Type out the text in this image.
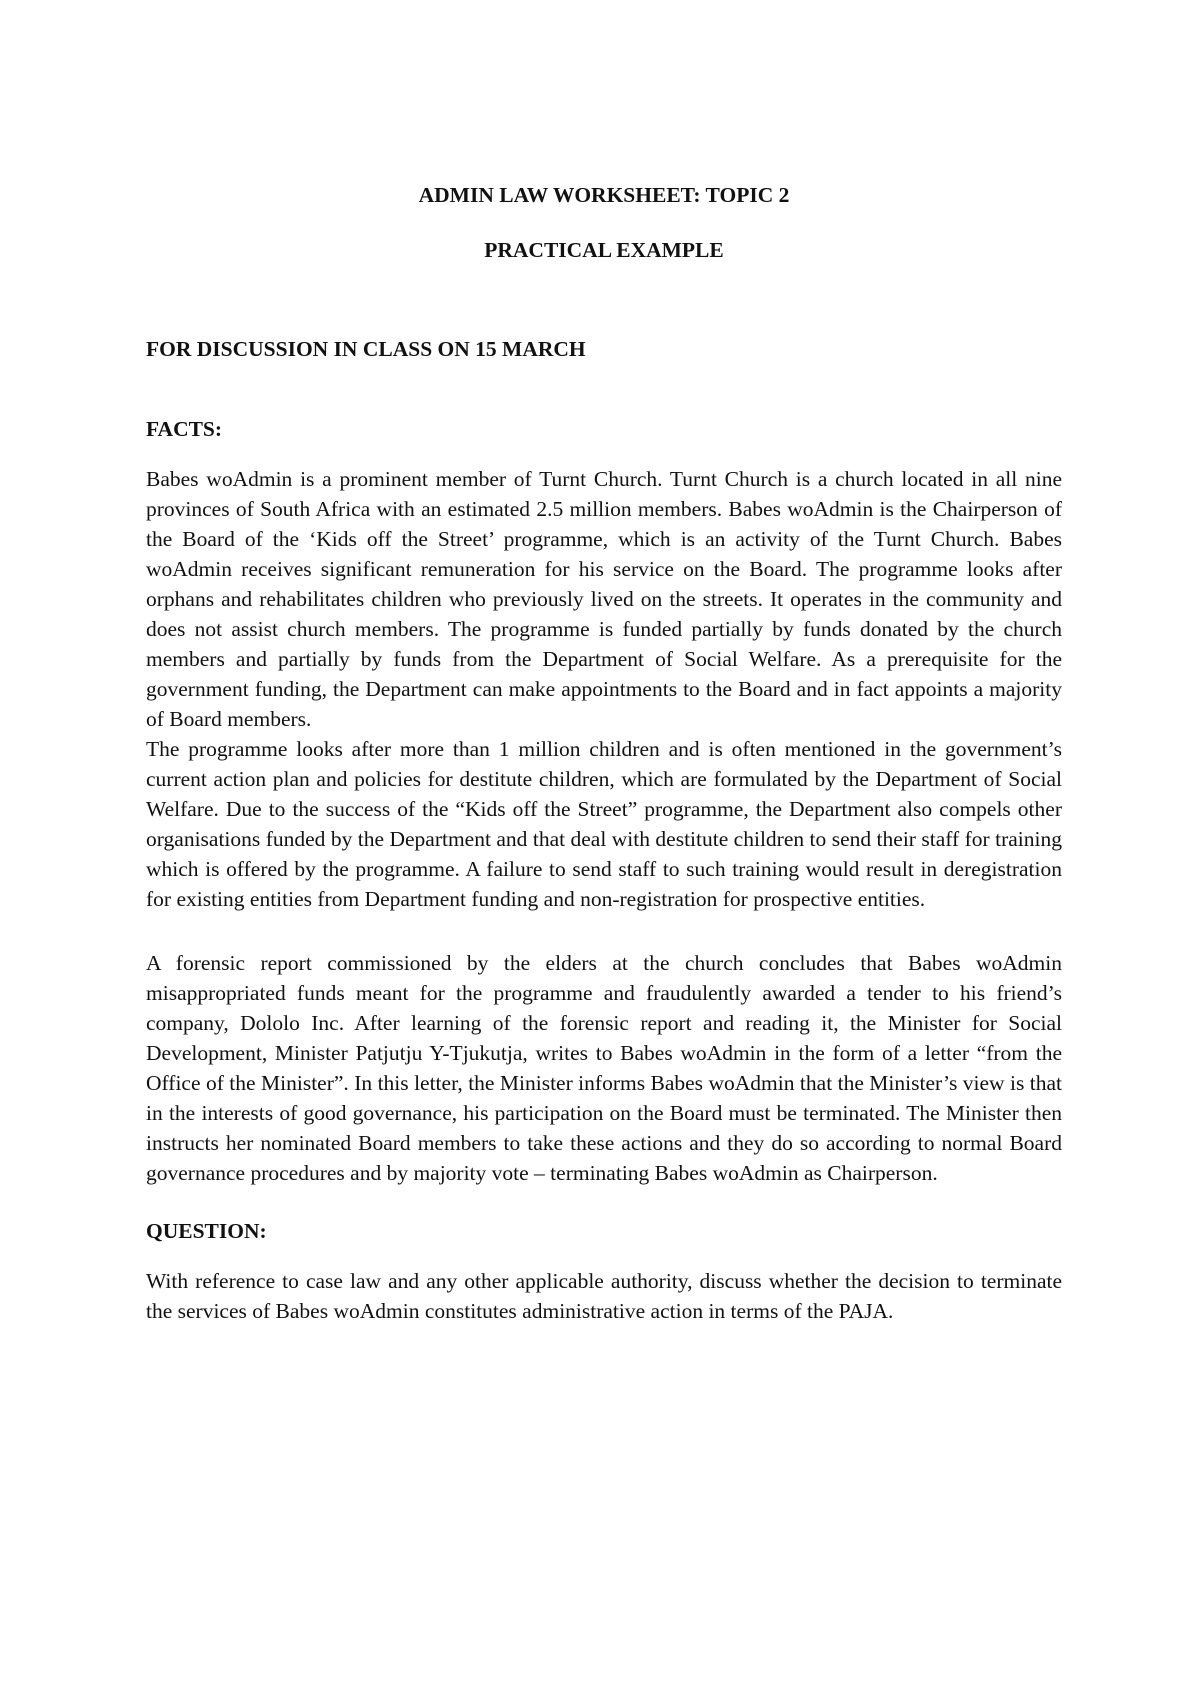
ADMIN LAW WORKSHEET: TOPIC 2

PRACTICAL EXAMPLE

FOR DISCUSSION IN CLASS ON 15 MARCH

FACTS:

Babes woAdmin is a prominent member of Turnt Church. Turnt Church is a church located in all nine provinces of South Africa with an estimated 2.5 million members. Babes woAdmin is the Chairperson of the Board of the ‘Kids off the Street’ programme, which is an activity of the Turnt Church. Babes woAdmin receives significant remuneration for his service on the Board. The programme looks after orphans and rehabilitates children who previously lived on the streets. It operates in the community and does not assist church members. The programme is funded partially by funds donated by the church members and partially by funds from the Department of Social Welfare. As a prerequisite for the government funding, the Department can make appointments to the Board and in fact appoints a majority of Board members.

The programme looks after more than 1 million children and is often mentioned in the government’s current action plan and policies for destitute children, which are formulated by the Department of Social Welfare. Due to the success of the “Kids off the Street” programme, the Department also compels other organisations funded by the Department and that deal with destitute children to send their staff for training which is offered by the programme. A failure to send staff to such training would result in deregistration for existing entities from Department funding and non-registration for prospective entities.

A forensic report commissioned by the elders at the church concludes that Babes woAdmin misappropriated funds meant for the programme and fraudulently awarded a tender to his friend’s company, Dololo Inc. After learning of the forensic report and reading it, the Minister for Social Development, Minister Patjutju Y-Tjukutja, writes to Babes woAdmin in the form of a letter “from the Office of the Minister”. In this letter, the Minister informs Babes woAdmin that the Minister’s view is that in the interests of good governance, his participation on the Board must be terminated. The Minister then instructs her nominated Board members to take these actions and they do so according to normal Board governance procedures and by majority vote – terminating Babes woAdmin as Chairperson.

QUESTION:

With reference to case law and any other applicable authority, discuss whether the decision to terminate the services of Babes woAdmin constitutes administrative action in terms of the PAJA.
